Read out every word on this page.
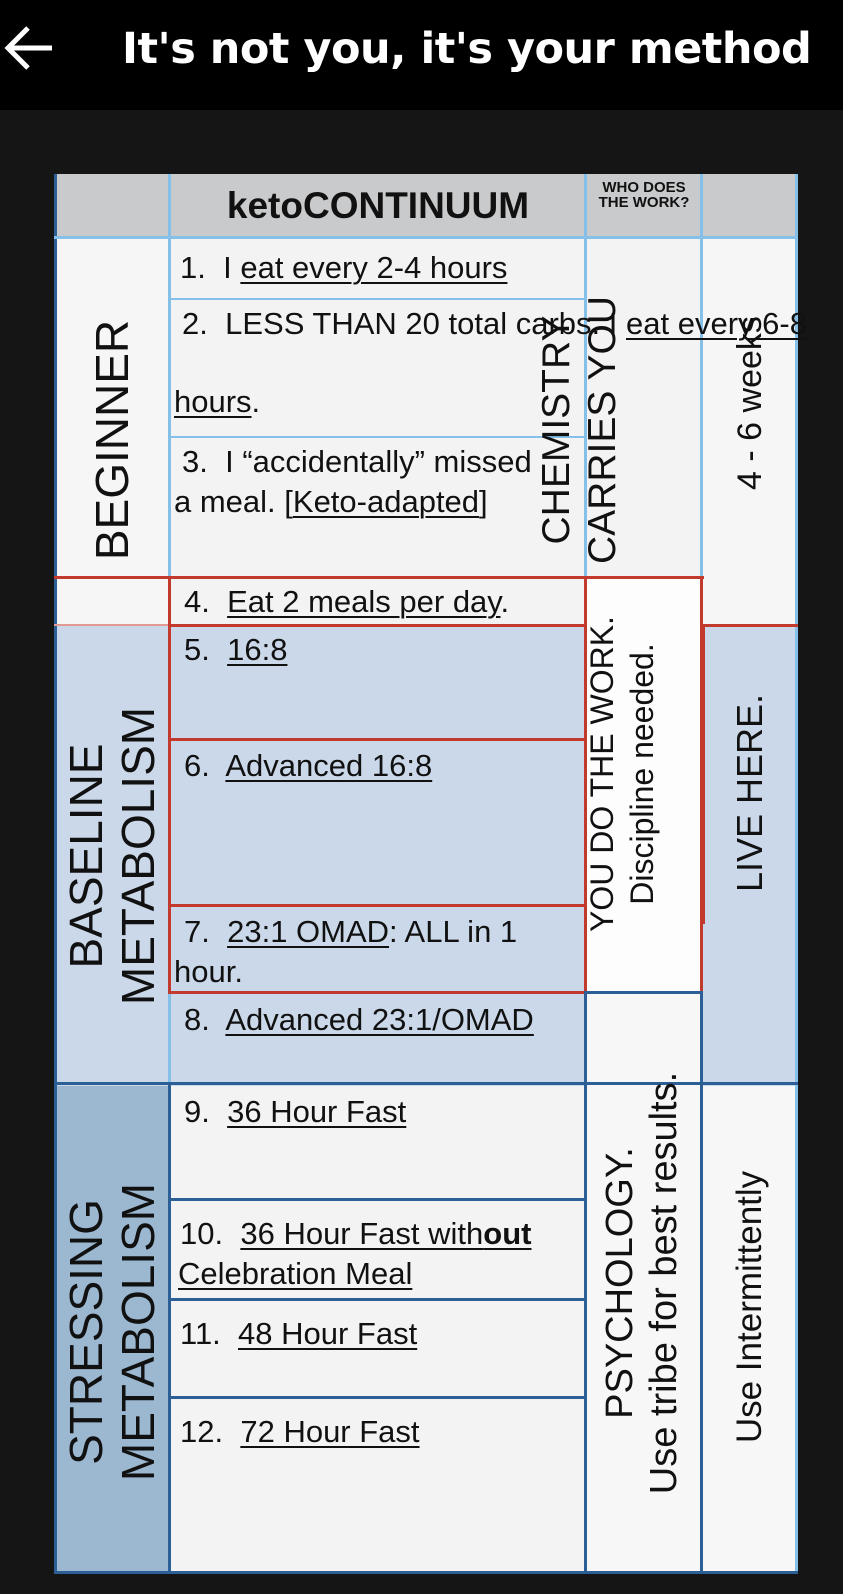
It's not you, it's your method
ketoCONTINUUM	WHO DOES THE WORK?
BEGINNER
BASELINE METABOLISM
STRESSING METABOLISM
1. I eat every 2-4 hours
2. LESS THAN 20 total carbs. I eat every 6-8
hours.
3. I “accidentally” missed
a meal. [Keto-adapted]
4. Eat 2 meals per day.
5. 16:8
6. Advanced 16:8
7. 23:1 OMAD: ALL in 1
hour.
8. Advanced 23:1/OMAD
9. 36 Hour Fast
10. 36 Hour Fast without
Celebration Meal
11. 48 Hour Fast
12. 72 Hour Fast
CHEMISTRY CARRIES YOU
YOU DO THE WORK. Discipline needed.
PSYCHOLOGY. Use tribe for best results.
4 - 6 weeks
LIVE HERE.
Use Intermittently
